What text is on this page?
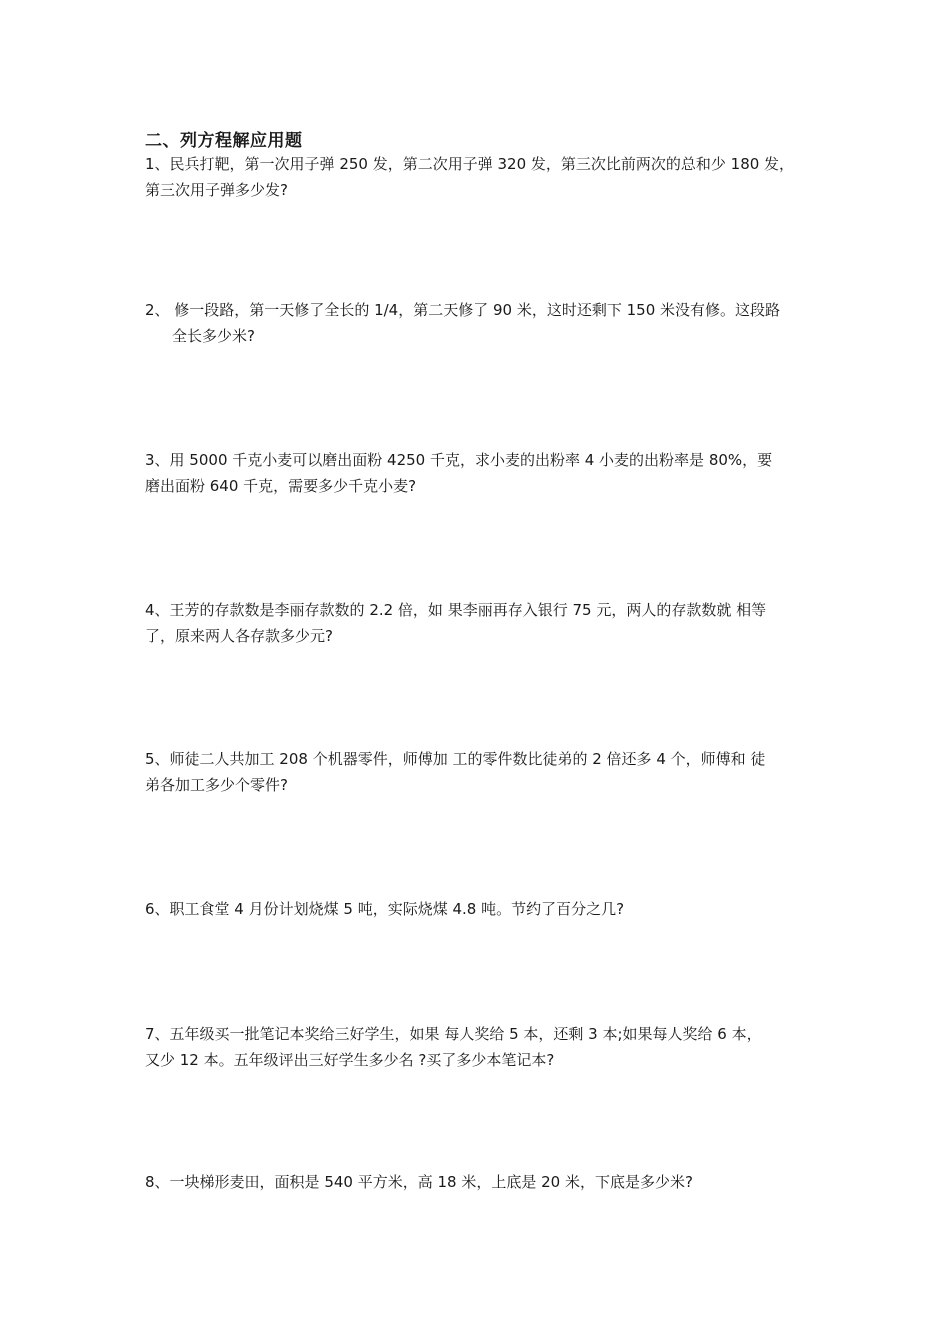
二、列方程解应用题
1、民兵打靶，第一次用子弹 250 发，第二次用子弹 320 发，第三次比前两次的总和少 180 发，
第三次用子弹多少发?
2、 修一段路，第一天修了全长的 1/4，第二天修了 90 米，这时还剩下 150 米没有修。这段路
全长多少米?
3、用 5000 千克小麦可以磨出面粉 4250 千克，求小麦的出粉率 4 小麦的出粉率是 80%，要
磨出面粉 640 千克，需要多少千克小麦?
4、王芳的存款数是李丽存款数的 2.2 倍，如 果李丽再存入银行 75 元，两人的存款数就 相等
了，原来两人各存款多少元?
5、师徒二人共加工 208 个机器零件，师傅加 工的零件数比徒弟的 2 倍还多 4 个，师傅和 徒
弟各加工多少个零件?
6、职工食堂 4 月份计划烧煤 5 吨，实际烧煤 4.8 吨。节约了百分之几?
7、五年级买一批笔记本奖给三好学生，如果 每人奖给 5 本，还剩 3 本;如果每人奖给 6 本，
又少 12 本。五年级评出三好学生多少名 ?买了多少本笔记本?
8、一块梯形麦田，面积是 540 平方米，高 18 米，上底是 20 米，下底是多少米?
